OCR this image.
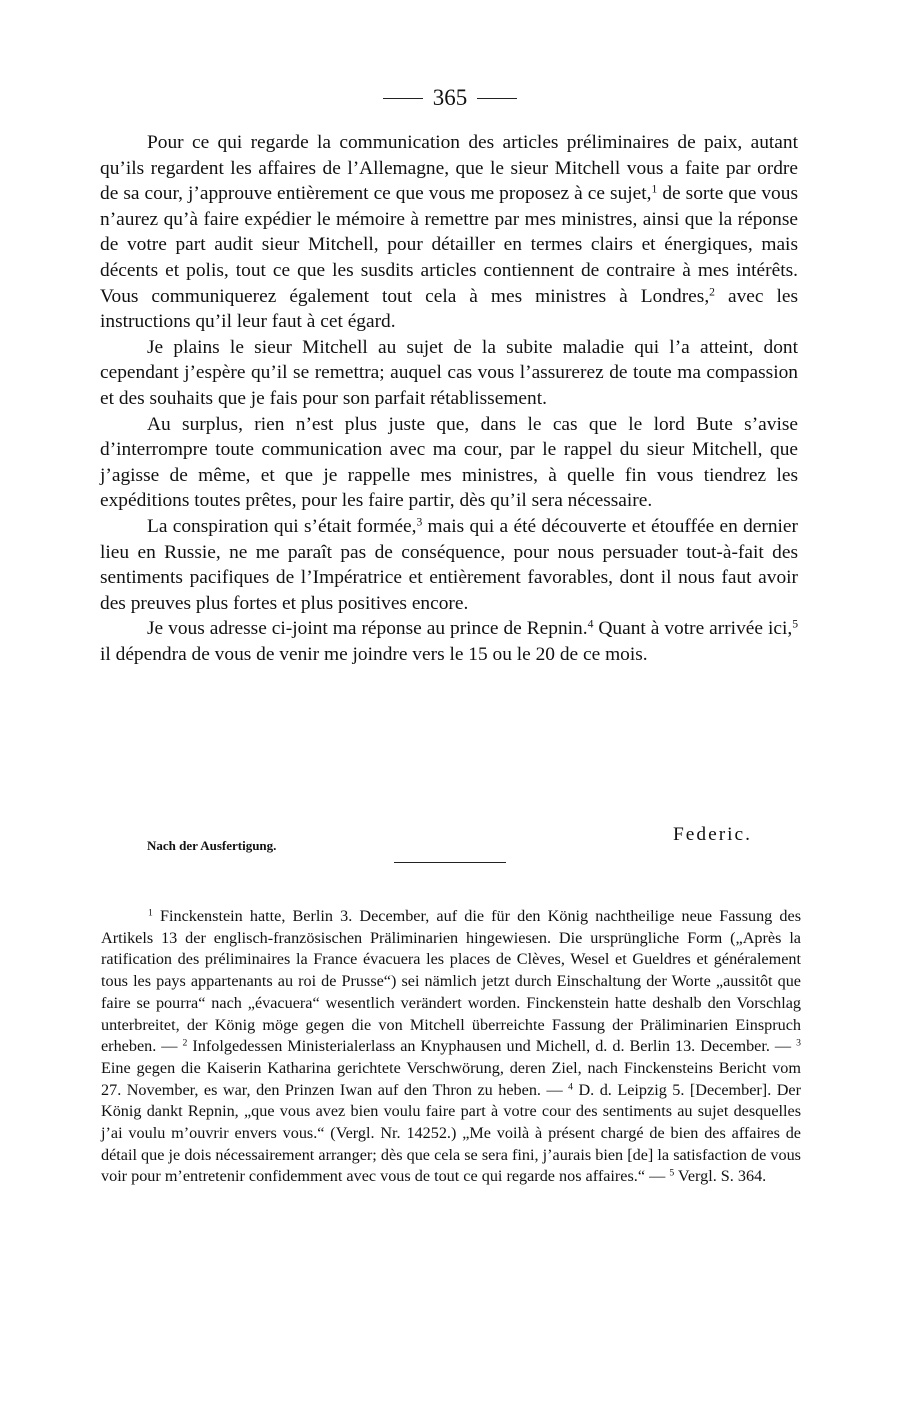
365

Pour ce qui regarde la communication des articles préliminaires de paix, autant qu’ils regardent les affaires de l’Allemagne, que le sieur Mitchell vous a faite par ordre de sa cour, j’approuve entièrement ce que vous me proposez à ce sujet,$^1$ de sorte que vous n’aurez qu’à faire expédier le mémoire à remettre par mes ministres, ainsi que la réponse de votre part audit sieur Mitchell, pour détailler en termes clairs et énergiques, mais décents et polis, tout ce que les susdits articles contiennent de contraire à mes intérêts. Vous communiquerez également tout cela à mes ministres à Londres,$^2$ avec les instructions qu’il leur faut à cet égard.

Je plains le sieur Mitchell au sujet de la subite maladie qui l’a atteint, dont cependant j’espère qu’il se remettra; auquel cas vous l’assurerez de toute ma compassion et des souhaits que je fais pour son parfait rétablissement.

Au surplus, rien n’est plus juste que, dans le cas que le lord Bute s’avise d’interrompre toute communication avec ma cour, par le rappel du sieur Mitchell, que j’agisse de même, et que je rappelle mes ministres, à quelle fin vous tiendrez les expéditions toutes prêtes, pour les faire partir, dès qu’il sera nécessaire.

La conspiration qui s’était formée,$^3$ mais qui a été découverte et étouffée en dernier lieu en Russie, ne me paraît pas de conséquence, pour nous persuader tout-à-fait des sentiments pacifiques de l’Impératrice et entièrement favorables, dont il nous faut avoir des preuves plus fortes et plus positives encore.

Je vous adresse ci-joint ma réponse au prince de Repnin.$^4$ Quant à votre arrivée ici,$^5$ il dépendra de vous de venir me joindre vers le 15 ou le 20 de ce mois.

Federic.
Nach der Ausfertigung.
$^1$ Finckenstein hatte, Berlin 3. December, auf die für den König nachtheilige neue Fassung des Artikels 13 der englisch-französischen Präliminarien hingewiesen. Die ursprüngliche Form („Après la ratification des préliminaires la France évacuera les places de Clèves, Wesel et Gueldres et généralement tous les pays appartenants au roi de Prusse“) sei nämlich jetzt durch Einschaltung der Worte „aussitôt que faire se pourra“ nach „évacuera“ wesentlich verändert worden. Finckenstein hatte deshalb den Vorschlag unterbreitet, der König möge gegen die von Mitchell überreichte Fassung der Präliminarien Einspruch erheben. — $^2$ Infolgedessen Ministerialerlass an Knyphausen und Michell, d. d. Berlin 13. December. — $^3$ Eine gegen die Kaiserin Katharina gerichtete Verschwörung, deren Ziel, nach Finckensteins Bericht vom 27. November, es war, den Prinzen Iwan auf den Thron zu heben. — $^4$ D. d. Leipzig 5. [December]. Der König dankt Repnin, „que vous avez bien voulu faire part à votre cour des sentiments au sujet desquelles j’ai voulu m’ouvrir envers vous.“ (Vergl. Nr. 14252.) „Me voilà à présent chargé de bien des affaires de détail que je dois nécessairement arranger; dès que cela se sera fini, j’aurais bien [de] la satisfaction de vous voir pour m’entretenir confidemment avec vous de tout ce qui regarde nos affaires.“ — $^5$ Vergl. S. 364.
